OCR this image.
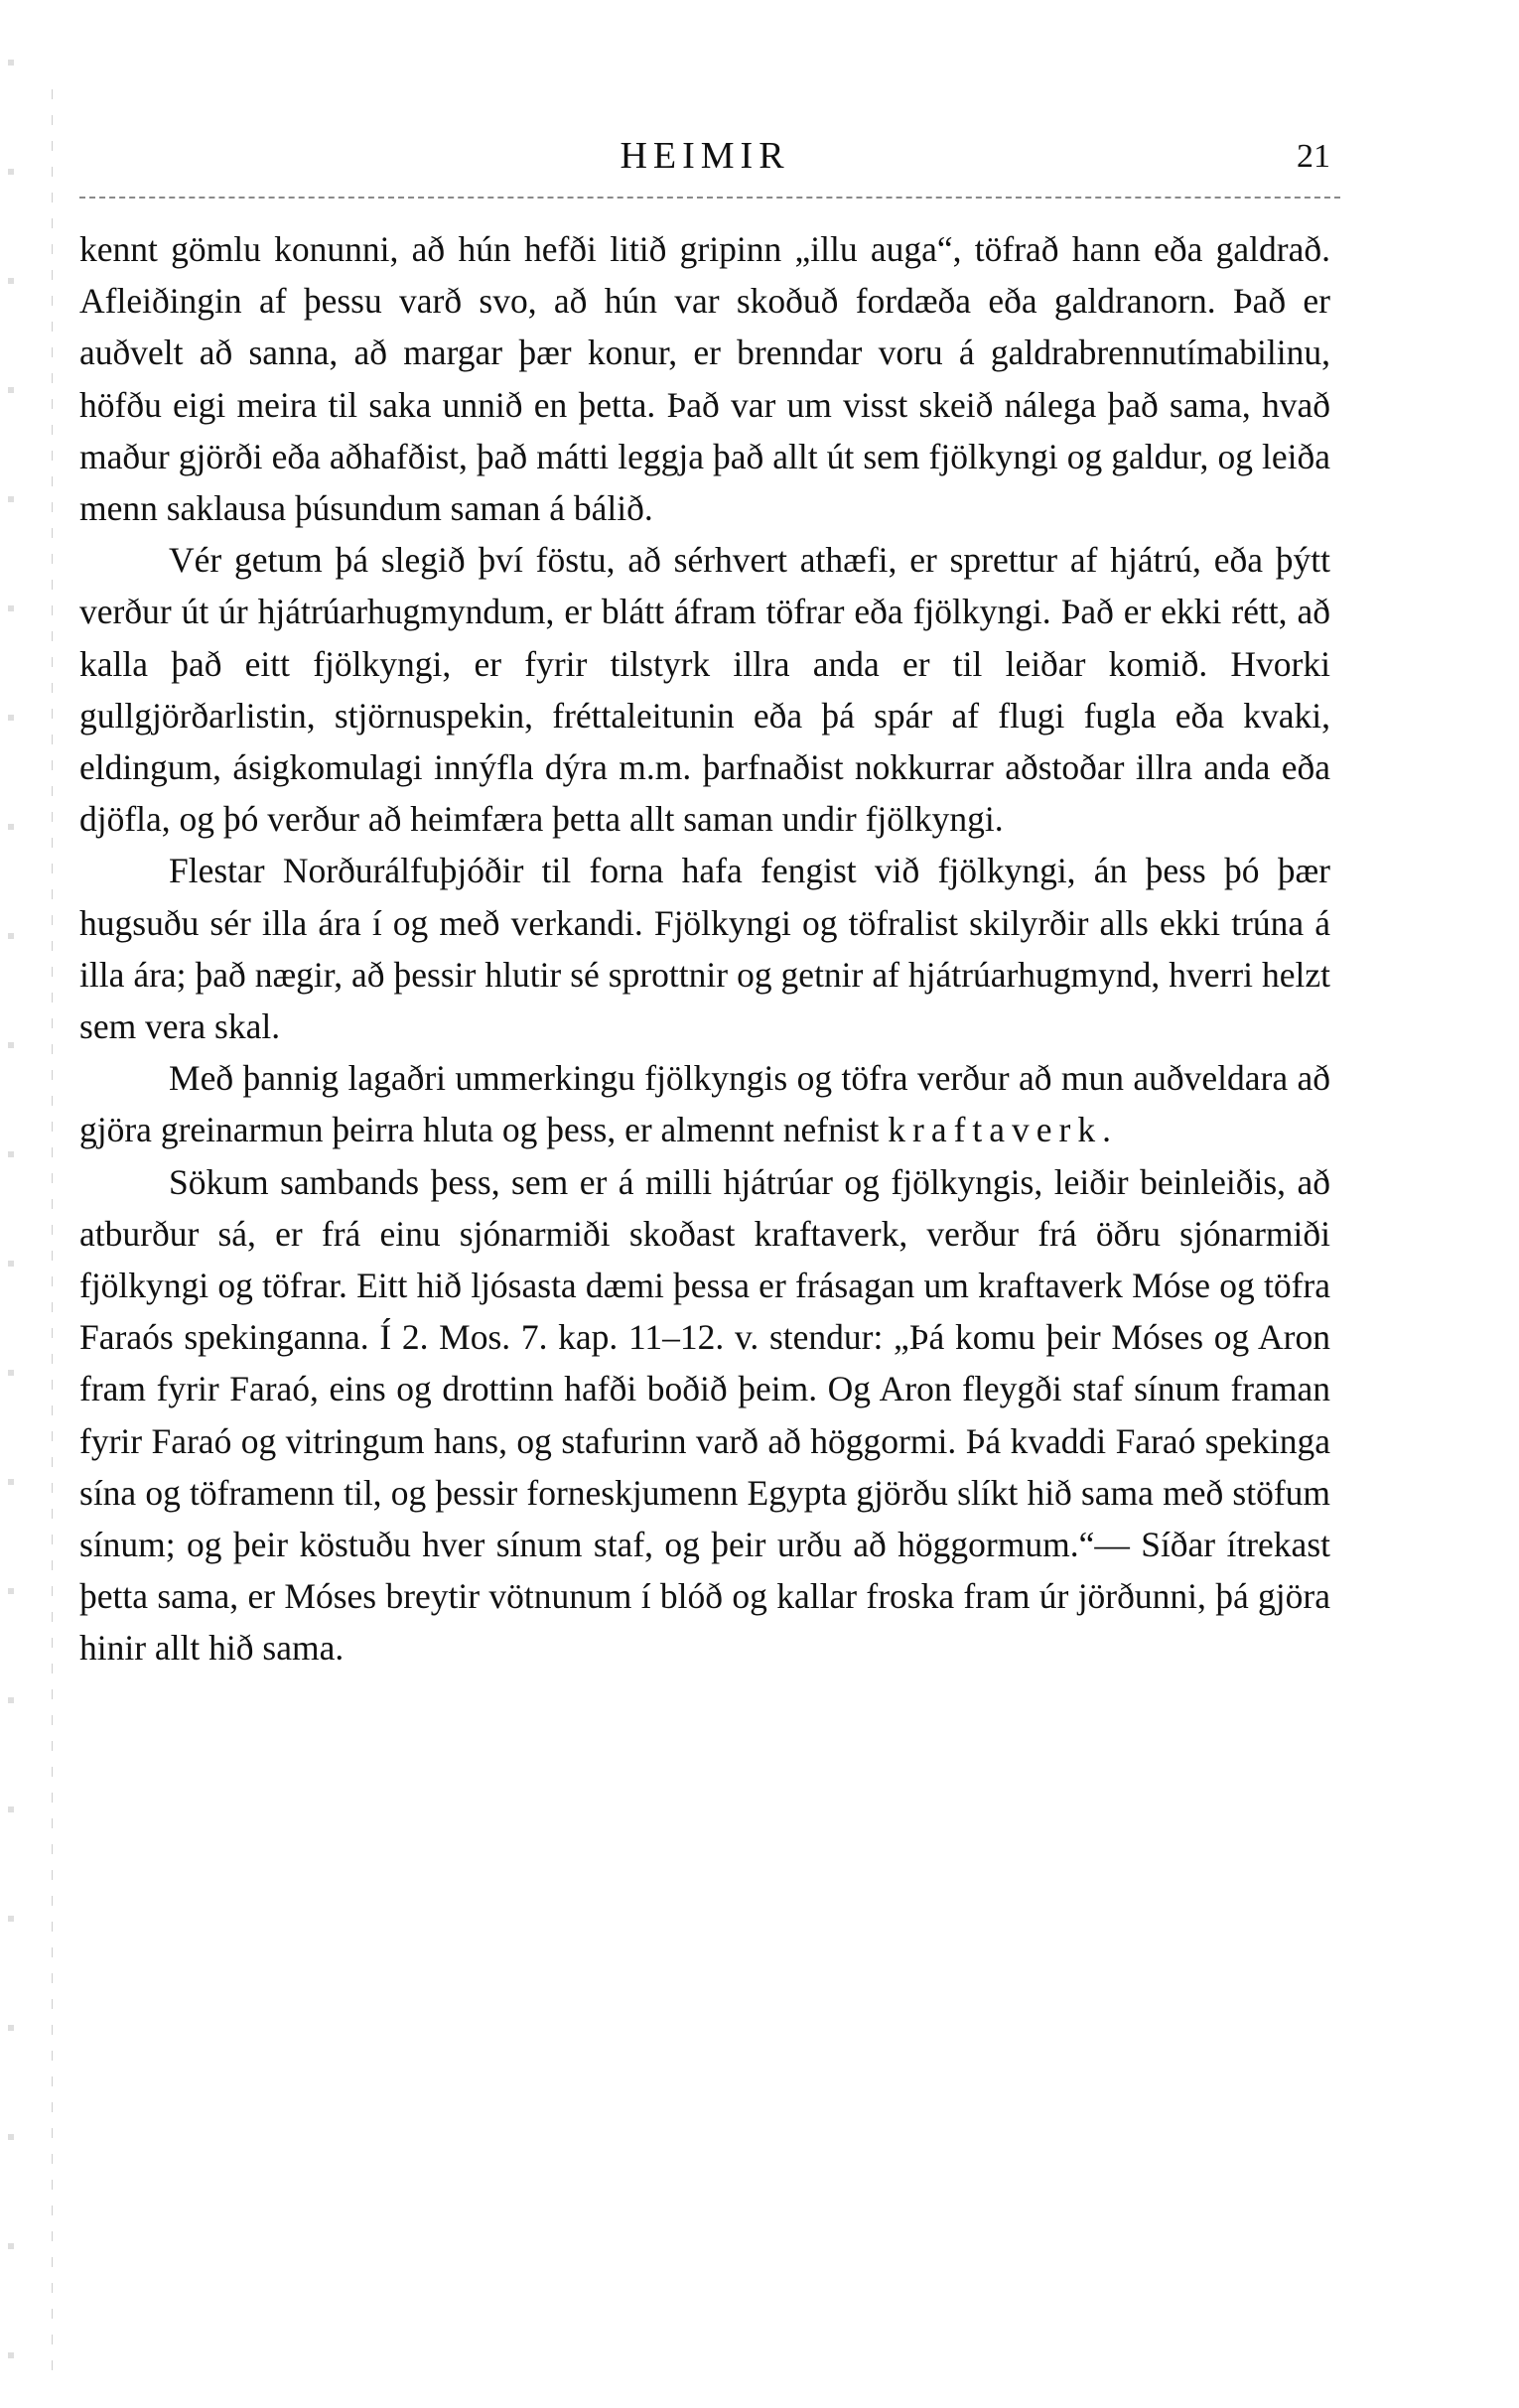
HEIMIR	21

kennt gömlu konunni, að hún hefði litið gripinn „illu auga“, töfrað hann eða galdrað. Afleiðingin af þessu varð svo, að hún var skoðuð fordæða eða galdranorn. Það er auðvelt að sanna, að margar þær konur, er brenndar voru á galdrabrennutímabilinu, höfðu eigi meira til saka unnið en þetta. Það var um visst skeið nálega það sama, hvað maður gjörði eða aðhafðist, það mátti leggja það allt út sem fjölkyngi og galdur, og leiða menn saklausa þúsundum saman á bálið.

Vér getum þá slegið því föstu, að sérhvert athæfi, er sprettur af hjátrú, eða þýtt verður út úr hjátrúarhugmyndum, er blátt áfram töfrar eða fjölkyngi. Það er ekki rétt, að kalla það eitt fjölkyngi, er fyrir tilstyrk illra anda er til leiðar komið. Hvorki gullgjörðarlistin, stjörnuspekin, fréttaleitunin eða þá spár af flugi fugla eða kvaki, eldingum, ásigkomulagi innýfla dýra m.m. þarfnaðist nokkurrar aðstoðar illra anda eða djöfla, og þó verður að heimfæra þetta allt saman undir fjölkyngi.

Flestar Norðurálfuþjóðir til forna hafa fengist við fjölkyngi, án þess þó þær hugsuðu sér illa ára í og með verkandi. Fjölkyngi og töfralist skilyrðir alls ekki trúna á illa ára; það nægir, að þessir hlutir sé sprottnir og getnir af hjátrúarhugmynd, hverri helzt sem vera skal.

Með þannig lagaðri ummerkingu fjölkyngis og töfra verður að mun auðveldara að gjöra greinarmun þeirra hluta og þess, er almennt nefnist kraftaverk.

Sökum sambands þess, sem er á milli hjátrúar og fjölkyngis, leiðir beinleiðis, að atburður sá, er frá einu sjónarmiði skoðast kraftaverk, verður frá öðru sjónarmiði fjölkyngi og töfrar. Eitt hið ljósasta dæmi þessa er frásagan um kraftaverk Móse og töfra Faraós spekinganna. Í 2. Mos. 7. kap. 11–12. v. stendur: „Þá komu þeir Móses og Aron fram fyrir Faraó, eins og drottinn hafði boðið þeim. Og Aron fleygði staf sínum framan fyrir Faraó og vitringum hans, og stafurinn varð að höggormi. Þá kvaddi Faraó spekinga sína og töframenn til, og þessir forneskjumenn Egypta gjörðu slíkt hið sama með stöfum sínum; og þeir köstuðu hver sínum staf, og þeir urðu að höggormum.“— Síðar ítrekast þetta sama, er Móses breytir vötnunum í blóð og kallar froska fram úr jörðunni, þá gjöra hinir allt hið sama.
